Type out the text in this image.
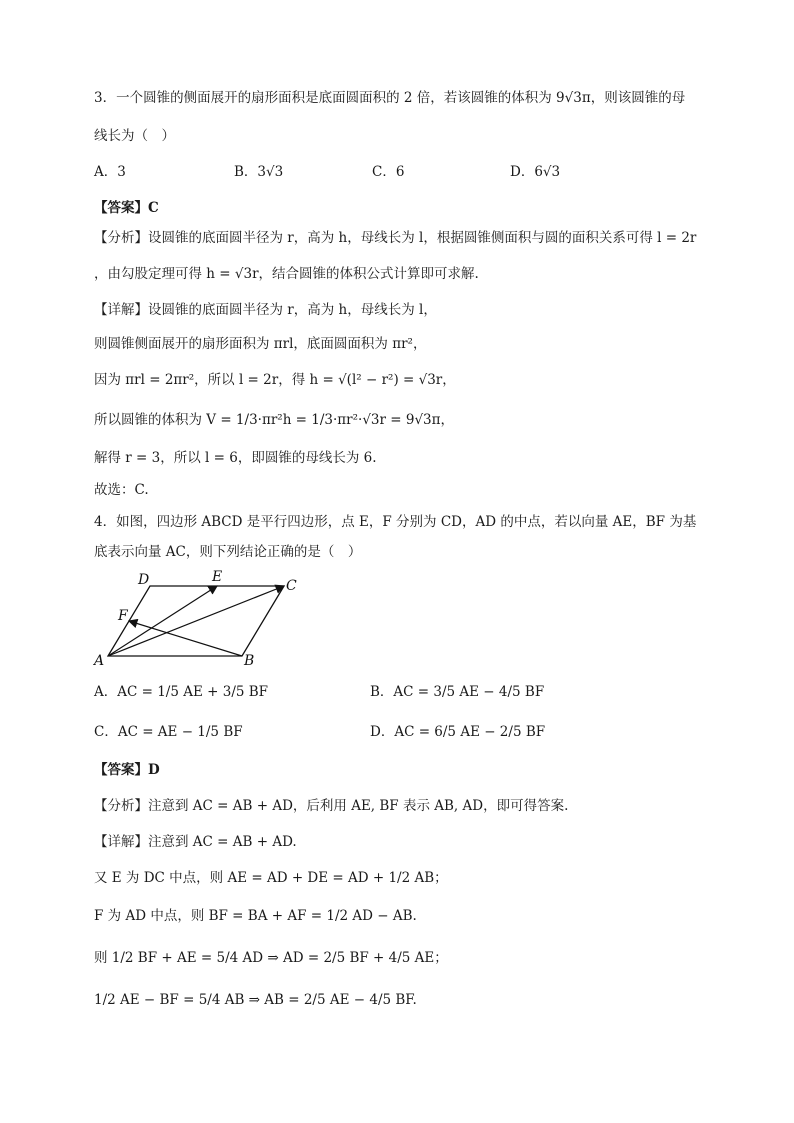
3．一个圆锥的侧面展开的扇形面积是底面圆面积的 2 倍，若该圆锥的体积为 9√3π，则该圆锥的母
线长为（　）
A．3	B．3√3	C．6	D．6√3
【答案】C
【分析】设圆锥的底面圆半径为 r，高为 h，母线长为 l，根据圆锥侧面积与圆的面积关系可得 l = 2r
，由勾股定理可得 h = √3r，结合圆锥的体积公式计算即可求解.
【详解】设圆锥的底面圆半径为 r，高为 h，母线长为 l，
则圆锥侧面展开的扇形面积为 πrl，底面圆面积为 πr²，
因为 πrl = 2πr²，所以 l = 2r，得 h = √(l² − r²) = √3r，
所以圆锥的体积为 V = 1/3·πr²h = 1/3·πr²·√3r = 9√3π，
解得 r = 3，所以 l = 6，即圆锥的母线长为 6.
故选：C.
4．如图，四边形 ABCD 是平行四边形，点 E，F 分别为 CD，AD 的中点，若以向量 AE，BF 为基
底表示向量 AC，则下列结论正确的是（　）
A	B
C
D	E
F
A．AC = 1/5 AE + 3/5 BF	B．AC = 3/5 AE − 4/5 BF
C．AC = AE − 1/5 BF	D．AC = 6/5 AE − 2/5 BF
【答案】D
【分析】注意到 AC = AB + AD，后利用 AE, BF 表示 AB, AD，即可得答案.
【详解】注意到 AC = AB + AD.
又 E 为 DC 中点，则 AE = AD + DE = AD + 1/2 AB；
F 为 AD 中点，则 BF = BA + AF = 1/2 AD − AB.
则 1/2 BF + AE = 5/4 AD ⇒ AD = 2/5 BF + 4/5 AE；
1/2 AE − BF = 5/4 AB ⇒ AB = 2/5 AE − 4/5 BF.
